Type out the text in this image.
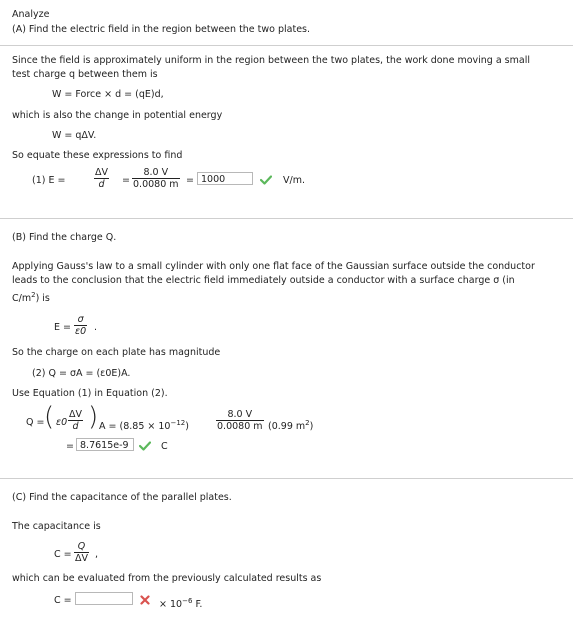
Analyze
(A) Find the electric field in the region between the two plates.
Since the field is approximately uniform in the region between the two plates, the work done moving a small
test charge q between them is
W = Force × d = (qE)d,
which is also the change in potential energy
W = qΔV.
So equate these expressions to find
(1) E =	$\frac{\Delta V}{d} = \frac{8.0 V}{0.0080 m} = 1000$	V/m.
(B) Find the charge Q.
Applying Gauss's law to a small cylinder with only one flat face of the Gaussian surface outside the conductor
leads to the conclusion that the electric field immediately outside a conductor with a surface charge σ (in
$C/m^2$) is
$E = \frac{\sigma}{\varepsilon 0}$ .
So the charge on each plate has magnitude
(2) Q = σA = (ε0E)A.
Use Equation (1) in Equation (2).
Q = ( $\varepsilon 0 \frac{\Delta V}{d}$ ) $A = (8.85 \times 10^{-12})$	$\frac{8.0 V}{0.0080 m} (0.99$ $m^2$)
= 8.7615e-9	C
(C) Find the capacitance of the parallel plates.
The capacitance is
$C = \frac{Q}{\Delta V}$ ,
which can be evaluated from the previously calculated results as
C =	× $10^{-6}$ F.
